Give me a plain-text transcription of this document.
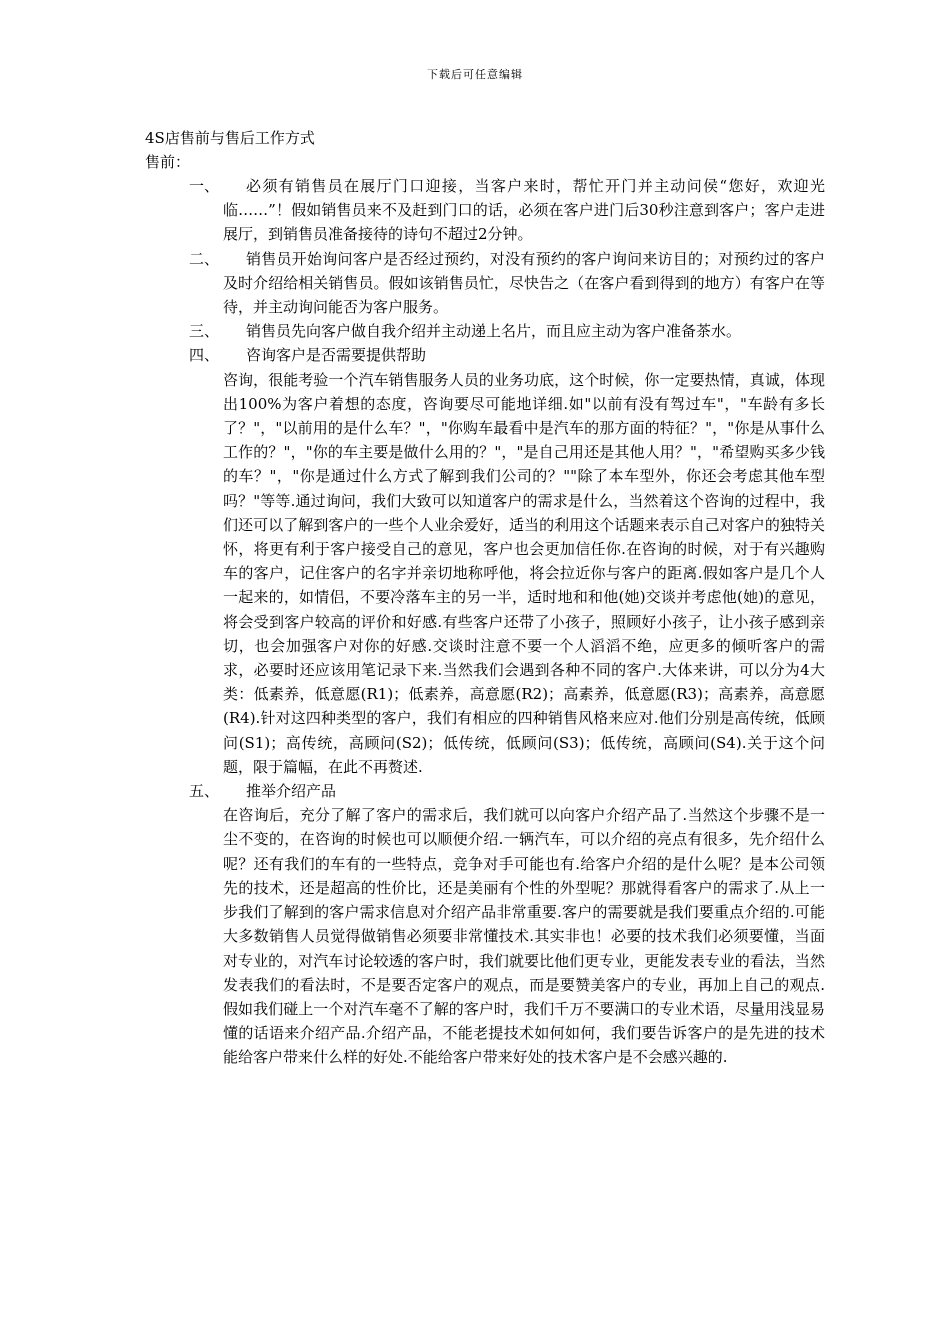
下载后可任意编辑
4S店售前与售后工作方式
售前：
一、	必须有销售员在展厅门口迎接，当客户来时，帮忙开门并主动问侯“您好，欢迎光临……”！假如销售员来不及赶到门口的话，必须在客户进门后30秒注意到客户；客户走进展厅，到销售员准备接待的诗句不超过2分钟。

二、	销售员开始询问客户是否经过预约，对没有预约的客户询问来访目的；对预约过的客户及时介绍给相关销售员。假如该销售员忙，尽快告之（在客户看到得到的地方）有客户在等待，并主动询问能否为客户服务。

三、	销售员先向客户做自我介绍并主动递上名片，而且应主动为客户准备茶水。

四、	咨询客户是否需要提供帮助

咨询，很能考验一个汽车销售服务人员的业务功底，这个时候，你一定要热情，真诚，体现出100%为客户着想的态度，咨询要尽可能地详细.如"以前有没有驾过车"，"车龄有多长了？"，"以前用的是什么车？"，"你购车最看中是汽车的那方面的特征？"，"你是从事什么工作的？"，"你的车主要是做什么用的？"，"是自己用还是其他人用？"，"希望购买多少钱的车？"，"你是通过什么方式了解到我们公司的？""除了本车型外，你还会考虑其他车型吗？"等等.通过询问，我们大致可以知道客户的需求是什么，当然着这个咨询的过程中，我们还可以了解到客户的一些个人业余爱好，适当的利用这个话题来表示自己对客户的独特关怀，将更有利于客户接受自己的意见，客户也会更加信任你.在咨询的时候，对于有兴趣购车的客户，记住客户的名字并亲切地称呼他，将会拉近你与客户的距离.假如客户是几个人一起来的，如情侣，不要冷落车主的另一半，适时地和和他(她)交谈并考虑他(她)的意见，将会受到客户较高的评价和好感.有些客户还带了小孩子，照顾好小孩子，让小孩子感到亲切，也会加强客户对你的好感.交谈时注意不要一个人滔滔不绝，应更多的倾听客户的需求，必要时还应该用笔记录下来.当然我们会遇到各种不同的客户.大体来讲，可以分为4大类：低素养，低意愿(R1)；低素养，高意愿(R2)；高素养，低意愿(R3)；高素养，高意愿(R4).针对这四种类型的客户，我们有相应的四种销售风格来应对.他们分别是高传统，低顾问(S1)；高传统，高顾问(S2)；低传统，低顾问(S3)；低传统，高顾问(S4).关于这个问题，限于篇幅，在此不再赘述.

五、	推举介绍产品

在咨询后，充分了解了客户的需求后，我们就可以向客户介绍产品了.当然这个步骤不是一尘不变的，在咨询的时候也可以顺便介绍.一辆汽车，可以介绍的亮点有很多，先介绍什么呢？还有我们的车有的一些特点，竞争对手可能也有.给客户介绍的是什么呢？是本公司领先的技术，还是超高的性价比，还是美丽有个性的外型呢？那就得看客户的需求了.从上一步我们了解到的客户需求信息对介绍产品非常重要.客户的需要就是我们要重点介绍的.可能大多数销售人员觉得做销售必须要非常懂技术.其实非也！必要的技术我们必须要懂，当面对专业的，对汽车讨论较透的客户时，我们就要比他们更专业，更能发表专业的看法，当然发表我们的看法时，不是要否定客户的观点，而是要赞美客户的专业，再加上自己的观点.假如我们碰上一个对汽车毫不了解的客户时，我们千万不要满口的专业术语，尽量用浅显易懂的话语来介绍产品.介绍产品，不能老提技术如何如何，我们要告诉客户的是先进的技术能给客户带来什么样的好处.不能给客户带来好处的技术客户是不会感兴趣的.
